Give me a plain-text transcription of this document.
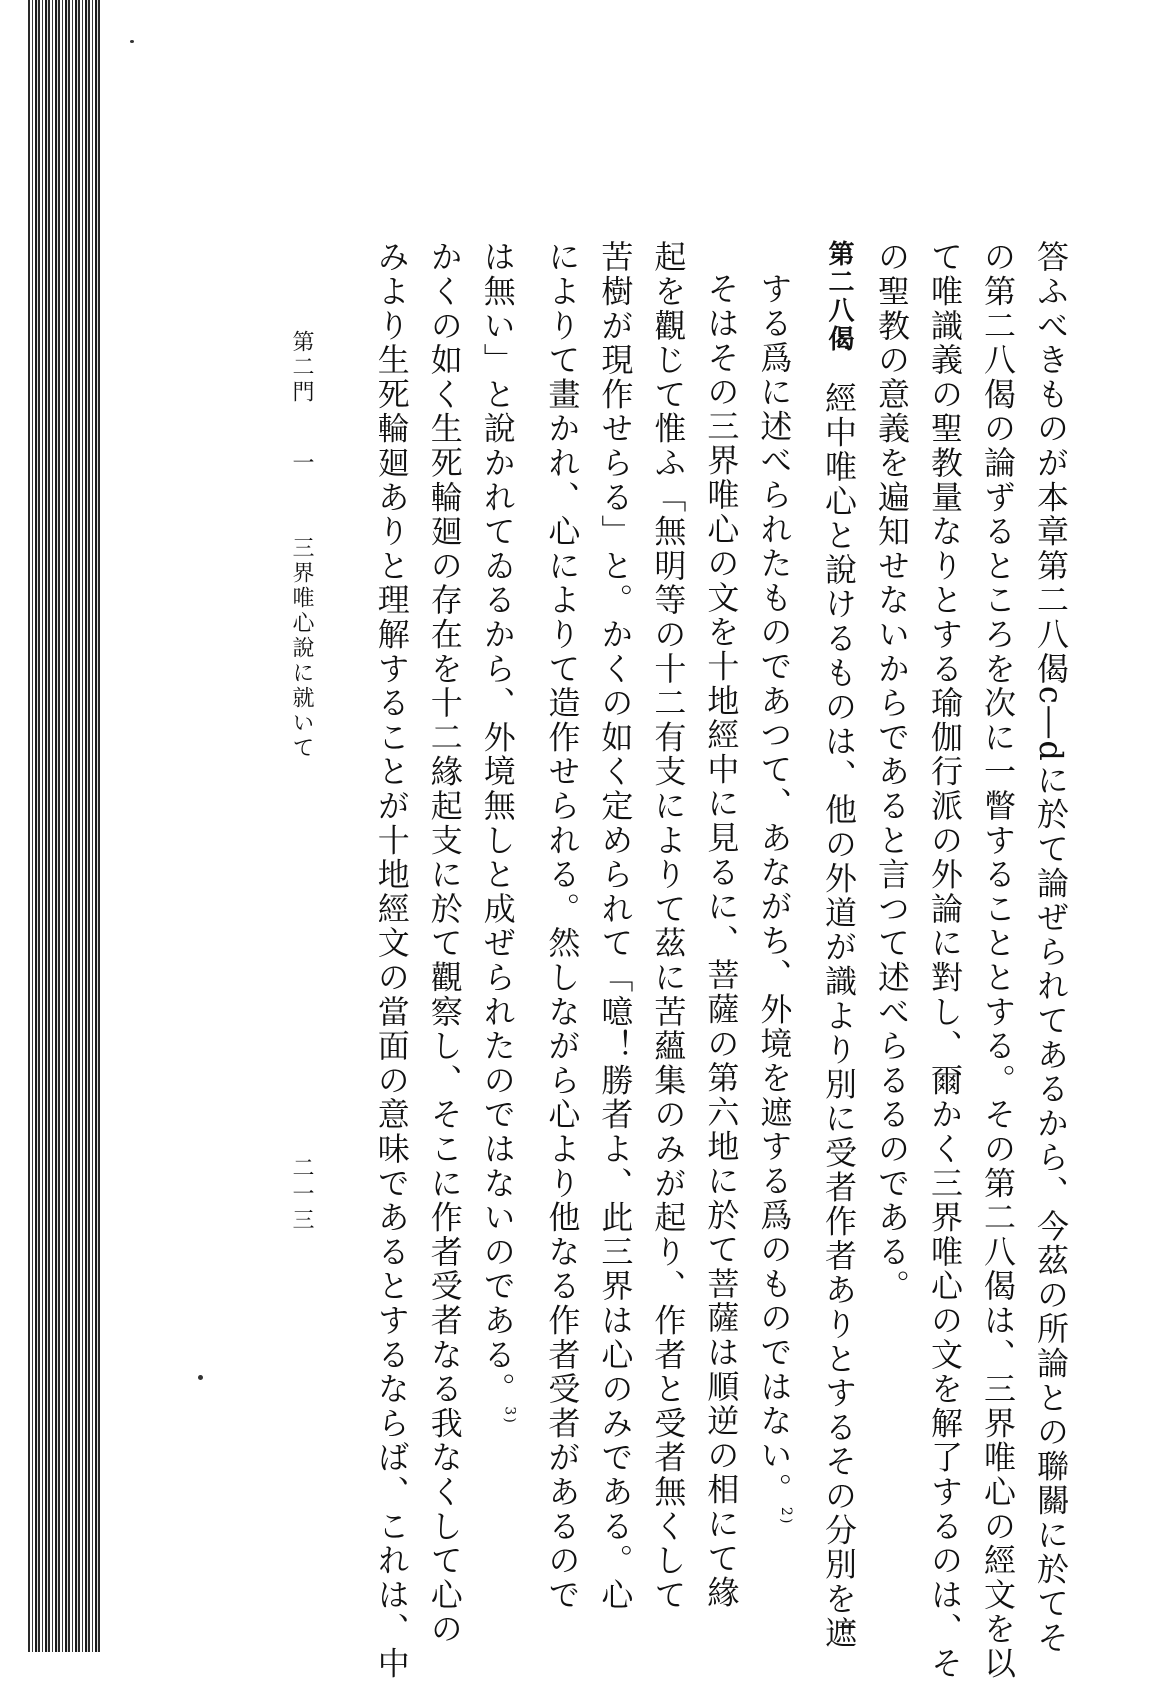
答ふべきものが本章第二八偈c―dに於て論ぜられてあるから、今茲の所論との聯關に於てそ
の第二八偈の論ずるところを次に一瞥することとする。その第二八偈は、三界唯心の經文を以
て唯識義の聖教量なりとする瑜伽行派の外論に對し、爾かく三界唯心の文を解了するのは、そ
の聖教の意義を遍知せないからであると言つて述べらるるのである。
第二八偈經中唯心と說けるものは、他の外道が識より別に受者作者ありとするその分別を遮
する爲に述べられたものであつて、あながち、外境を遮する爲のものではない。$^{2)}$
そはその三界唯心の文を十地經中に見るに、菩薩の第六地に於て菩薩は順逆の相にて緣
起を觀じて惟ふ「無明等の十二有支によりて茲に苦蘊集のみが起り、作者と受者無くして
苦樹が現作せらる」と。かくの如く定められて「噫！勝者よ、此三界は心のみである。心
によりて畫かれ、心によりて造作せられる。然しながら心より他なる作者受者があるので
は無い」と說かれてゐるから、外境無しと成ぜられたのではないのである。$^{3)}$
かくの如く生死輪廻の存在を十二緣起支に於て觀察し、そこに作者受者なる我なくして心の
みより生死輪廻ありと理解することが十地經文の當面の意味であるとするならば、これは、中
第二門一三界唯心說に就いて
二一三
